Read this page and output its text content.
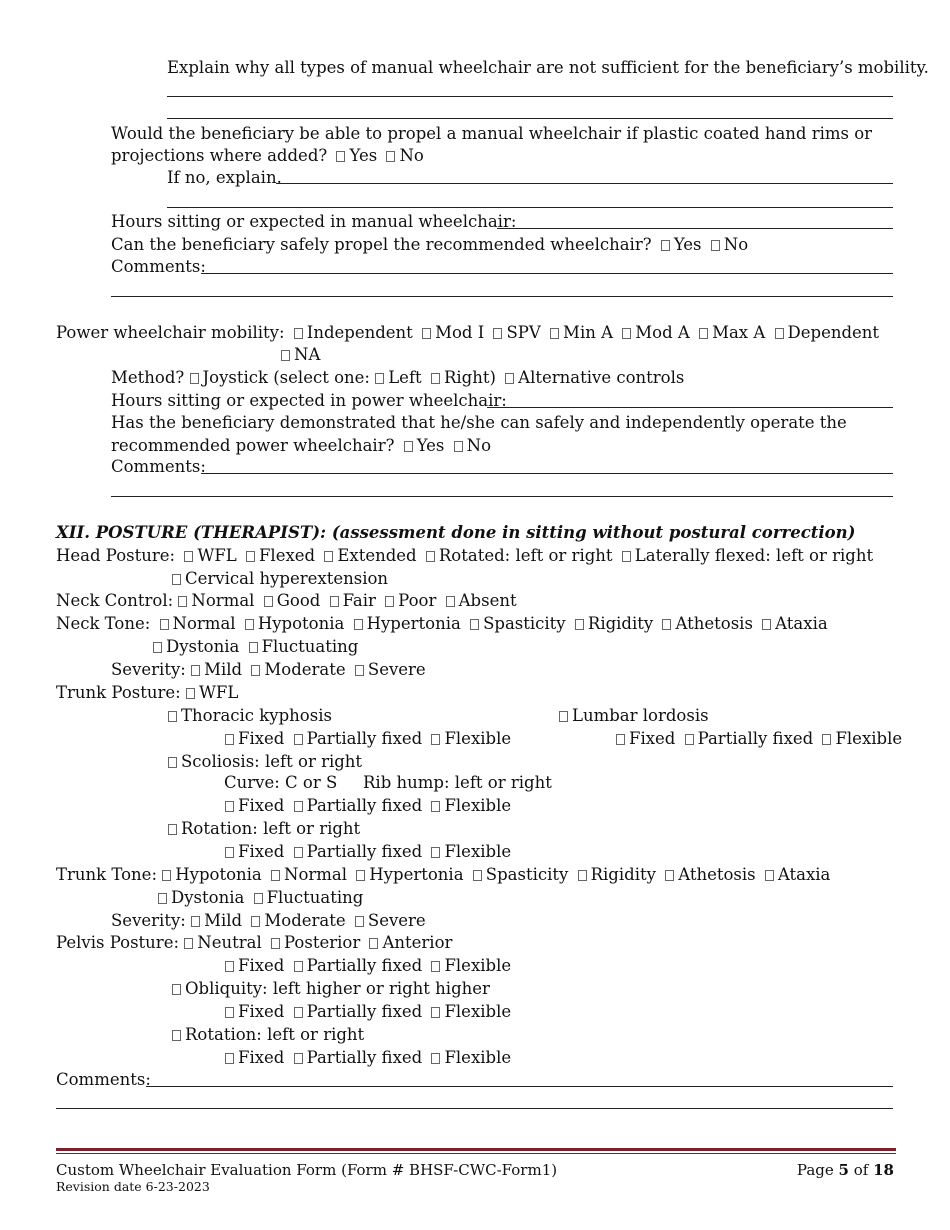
Explain why all types of manual wheelchair are not sufficient for the beneficiary’s mobility.
Would the beneficiary be able to propel a manual wheelchair if plastic coated hand rims or
projections where added? Yes No
If no, explain.
Hours sitting or expected in manual wheelchair:
Can the beneficiary safely propel the recommended wheelchair? Yes No
Comments:
Power wheelchair mobility: Independent Mod I SPV Min A Mod A Max A Dependent
NA
Method? Joystick (select one: Left Right) Alternative controls
Hours sitting or expected in power wheelchair:
Has the beneficiary demonstrated that he/she can safely and independently operate the
recommended power wheelchair? Yes No
Comments:
XII. POSTURE (THERAPIST): (assessment done in sitting without postural correction)
Head Posture: WFL Flexed Extended Rotated: left or right Laterally flexed: left or right
Cervical hyperextension
Neck Control: Normal Good Fair Poor Absent
Neck Tone: Normal Hypotonia Hypertonia Spasticity Rigidity Athetosis Ataxia
Dystonia Fluctuating
Severity: Mild Moderate Severe
Trunk Posture: WFL
Thoracic kyphosis	Lumbar lordosis
Fixed Partially fixed Flexible	Fixed Partially fixed Flexible
Scoliosis: left or right
Curve: C or S Rib hump: left or right
Fixed Partially fixed Flexible
Rotation: left or right
Fixed Partially fixed Flexible
Trunk Tone: Hypotonia Normal Hypertonia Spasticity Rigidity Athetosis Ataxia
Dystonia Fluctuating
Severity: Mild Moderate Severe
Pelvis Posture: Neutral Posterior Anterior
Fixed Partially fixed Flexible
Obliquity: left higher or right higher
Fixed Partially fixed Flexible
Rotation: left or right
Fixed Partially fixed Flexible
Comments:
Custom Wheelchair Evaluation Form (Form # BHSF-CWC-Form1)
Revision date 6-23-2023
Page 5 of 18
